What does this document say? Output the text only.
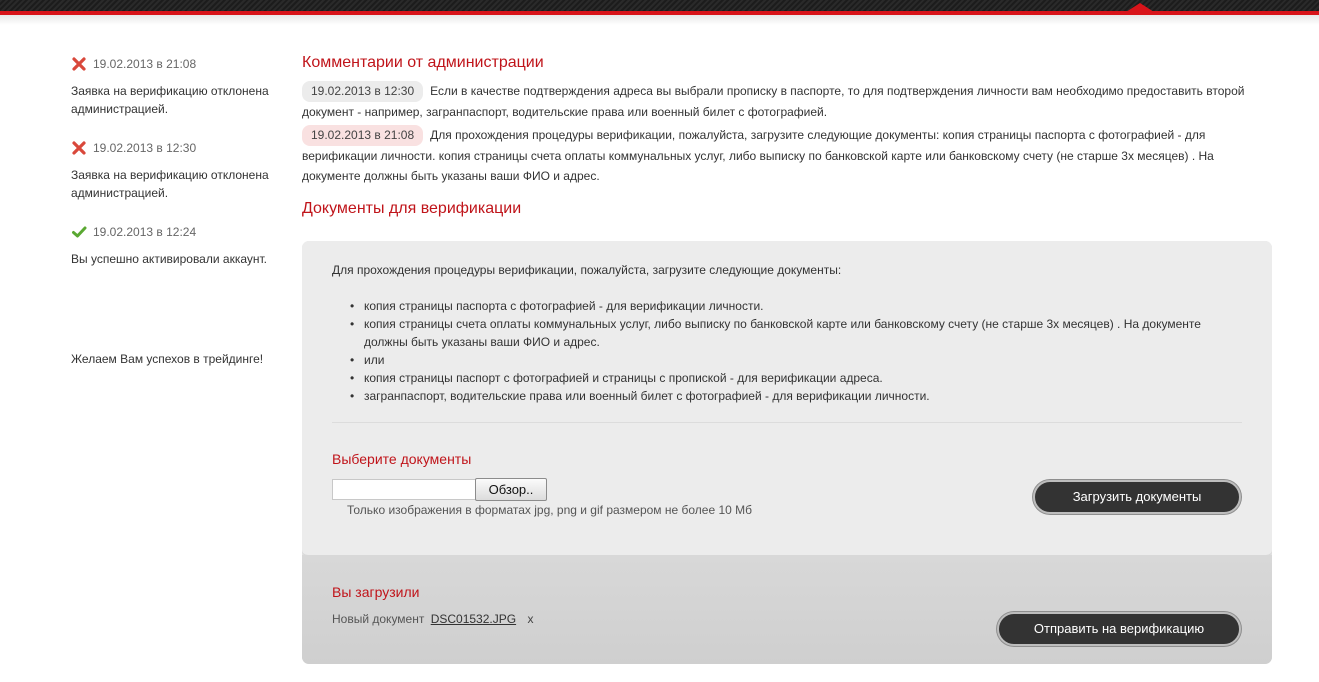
19.02.2013 в 21:08
Заявка на верификацию отклонена администрацией.
19.02.2013 в 12:30
Заявка на верификацию отклонена администрацией.
19.02.2013 в 12:24
Вы успешно активировали аккаунт.
Желаем Вам успехов в трейдинге!
Комментарии от администрации
19.02.2013 в 12:30 Если в качестве подтверждения адреса вы выбрали прописку в паспорте, то для подтверждения личности вам необходимо предоставить второй документ - например, загранпаспорт, водительские права или военный билет с фотографией.
19.02.2013 в 21:08 Для прохождения процедуры верификации, пожалуйста, загрузите следующие документы: копия страницы паспорта с фотографией - для верификации личности. копия страницы счета оплаты коммунальных услуг, либо выписку по банковской карте или банковскому счету (не старше 3х месяцев) . На документе должны быть указаны ваши ФИО и адрес.
Документы для верификации
Для прохождения процедуры верификации, пожалуйста, загрузите следующие документы:
• копия страницы паспорта с фотографией - для верификации личности.
• копия страницы счета оплаты коммунальных услуг, либо выписку по банковской карте или банковскому счету (не старше 3х месяцев) . На документе должны быть указаны ваши ФИО и адрес.
• или
• копия страницы паспорт с фотографией и страницы с пропиской - для верификации адреса.
• загранпаспорт, водительские права или военный билет с фотографией - для верификации личности.
Выберите документы
Обзор..
Только изображения в форматах jpg, png и gif размером не более 10 Мб
Загрузить документы
Вы загрузили
Новый документ DSC01532.JPG x
Отправить на верификацию
